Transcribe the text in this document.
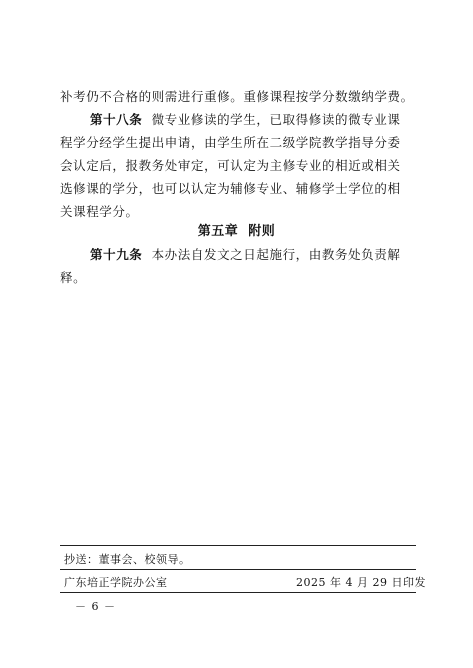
补考仍不合格的则需进行重修。重修课程按学分数缴纳学费。
第十八条 微专业修读的学生，已取得修读的微专业课
程学分经学生提出申请，由学生所在二级学院教学指导分委
会认定后，报教务处审定，可认定为主修专业的相近或相关
选修课的学分，也可以认定为辅修专业、辅修学士学位的相
关课程学分。
第五章 附则
第十九条 本办法自发文之日起施行，由教务处负责解
释。
抄送：董事会、校领导。
广东培正学院办公室	2025 年 4 月 29 日印发
－ 6 －
